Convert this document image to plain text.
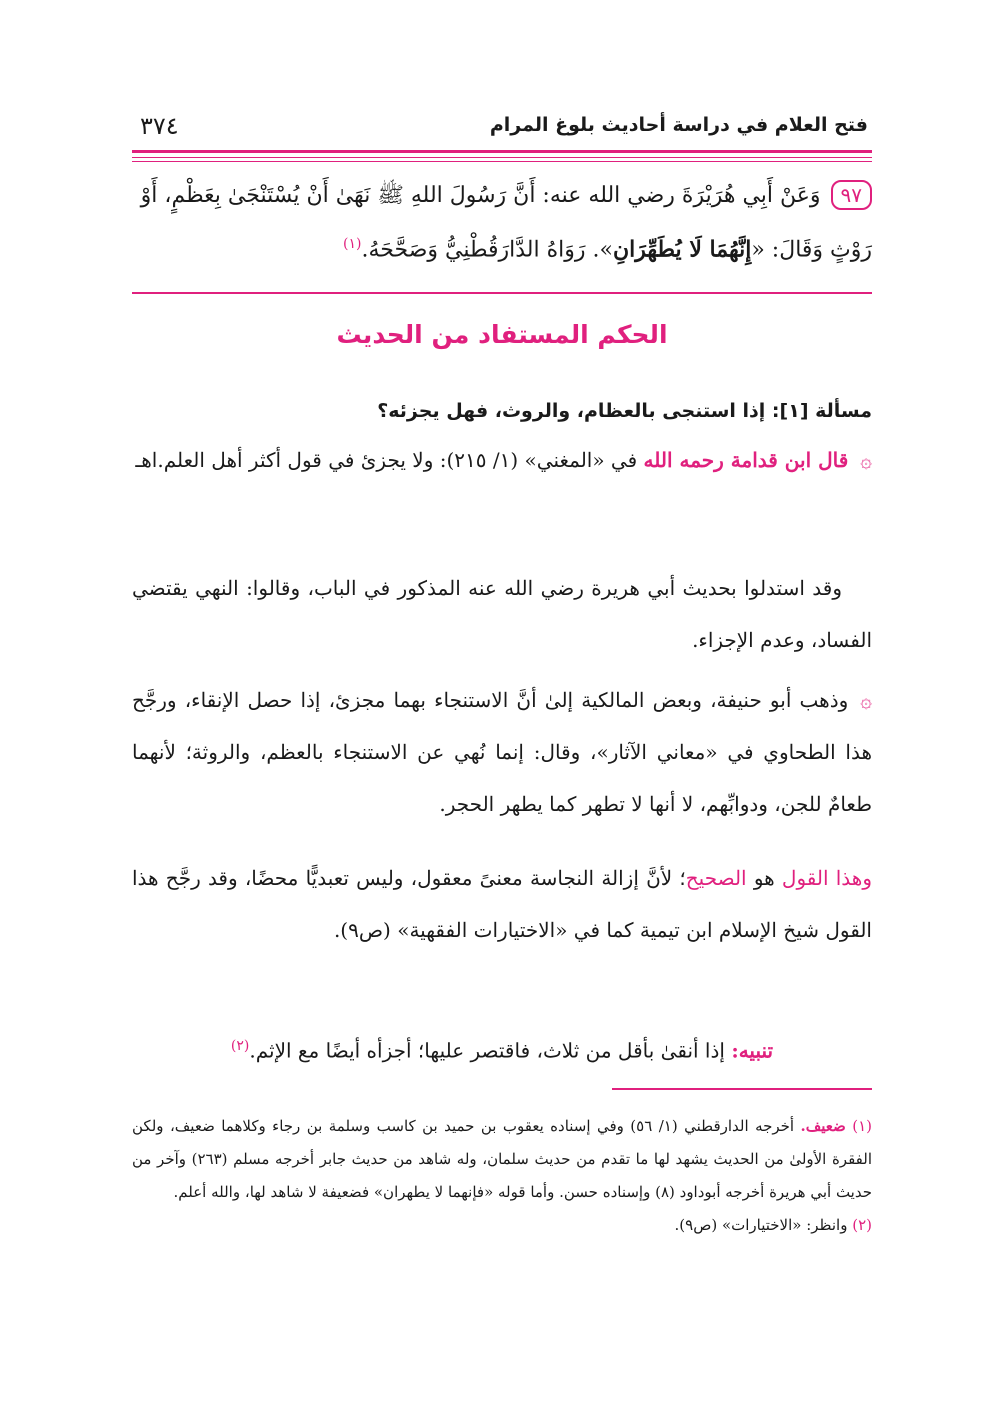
٣٧٤	فتح العلام في دراسة أحاديث بلوغ المرام
٩٧وَعَنْ أَبِي هُرَيْرَةَ رضي الله عنه: أَنَّ رَسُولَ اللهِ ﷺ نَهَىٰ أَنْ يُسْتَنْجَىٰ بِعَظْمٍ، أَوْ
رَوْثٍ وَقَالَ: «إِنَّهُمَا لَا يُطَهِّرَانِ». رَوَاهُ الدَّارَقُطْنِيُّ وَصَحَّحَهُ.$^{(١)}$
الحكم المستفاد من الحديث
مسألة [١]: إذا استنجى بالعظام، والروث، فهل يجزئه؟
۞قال ابن قدامة رحمه الله في «المغني» (١/ ٢١٥): ولا يجزئ في قول أكثر أهل العلم.اهـ
وقد استدلوا بحديث أبي هريرة رضي الله عنه المذكور في الباب، وقالوا: النهي يقتضي الفساد، وعدم الإجزاء.
۞وذهب أبو حنيفة، وبعض المالكية إلىٰ أنَّ الاستنجاء بهما مجزئ، إذا حصل الإنقاء، ورجَّح هذا الطحاوي في «معاني الآثار»، وقال: إنما نُهي عن الاستنجاء بالعظم، والروثة؛ لأنهما طعامٌ للجن، ودوابِّهم، لا أنها لا تطهر كما يطهر الحجر.
وهذا القول هو الصحيح؛ لأنَّ إزالة النجاسة معنىً معقول، وليس تعبديًّا محضًا، وقد رجَّح هذا القول شيخ الإسلام ابن تيمية كما في «الاختيارات الفقهية» (ص٩).
تنبيه: إذا أنقىٰ بأقل من ثلاث، فاقتصر عليها؛ أجزأه أيضًا مع الإثم.$^{(٢)}$
(١) ضعيف. أخرجه الدارقطني (١/ ٥٦) وفي إسناده يعقوب بن حميد بن كاسب وسلمة بن رجاء وكلاهما ضعيف، ولكن الفقرة الأولىٰ من الحديث يشهد لها ما تقدم من حديث سلمان، وله شاهد من حديث جابر أخرجه مسلم (٢٦٣) وآخر من حديث أبي هريرة أخرجه أبوداود (٨) وإسناده حسن. وأما قوله «فإنهما لا يطهران» فضعيفة لا شاهد لها، والله أعلم.
(٢) وانظر: «الاختيارات» (ص٩).
